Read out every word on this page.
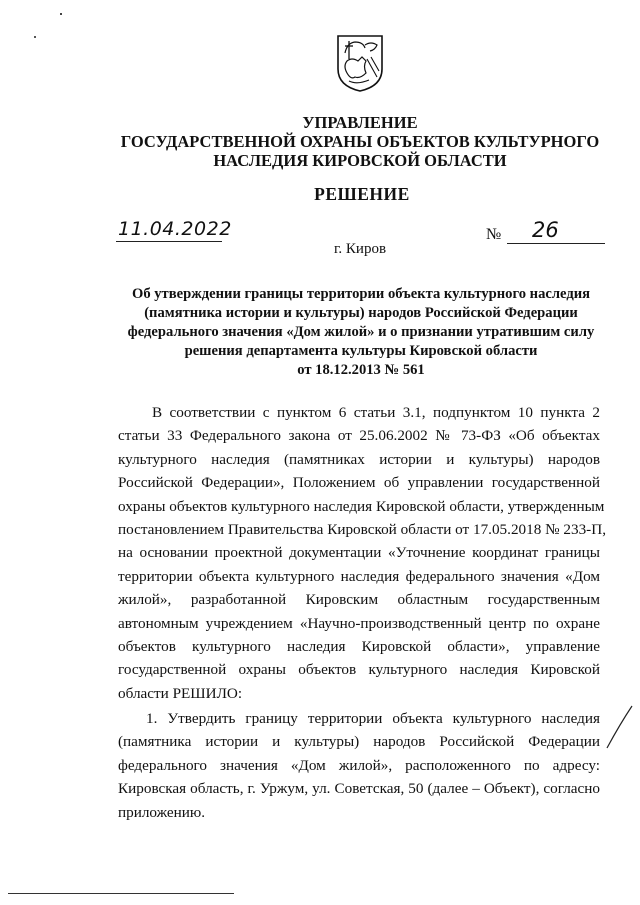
УПРАВЛЕНИЕ
ГОСУДАРСТВЕННОЙ ОХРАНЫ ОБЪЕКТОВ КУЛЬТУРНОГО
НАСЛЕДИЯ КИРОВСКОЙ ОБЛАСТИ
РЕШЕНИЕ
11.04.2022	№ 26
г. Киров
Об утверждении границы территории объекта культурного наследия
(памятника истории и культуры) народов Российской Федерации
федерального значения «Дом жилой» и о признании утратившим силу
решения департамента культуры Кировской области
от 18.12.2013 № 561
В соответствии с пунктом 6 статьи 3.1, подпунктом 10 пункта 2
статьи 33 Федерального закона от 25.06.2002 № 73-ФЗ «Об объектах
культурного наследия (памятниках истории и культуры) народов
Российской Федерации», Положением об управлении государственной
охраны объектов культурного наследия Кировской области, утвержденным
постановлением Правительства Кировской области от 17.05.2018 № 233-П,
на основании проектной документации «Уточнение координат границы
территории объекта культурного наследия федерального значения «Дом
жилой», разработанной Кировским областным государственным
автономным учреждением «Научно-производственный центр по охране
объектов культурного наследия Кировской области», управление
государственной охраны объектов культурного наследия Кировской
области РЕШИЛО:
1. Утвердить границу территории объекта культурного наследия
(памятника истории и культуры) народов Российской Федерации
федерального значения «Дом жилой», расположенного по адресу:
Кировская область, г. Уржум, ул. Советская, 50 (далее – Объект), согласно
приложению.
